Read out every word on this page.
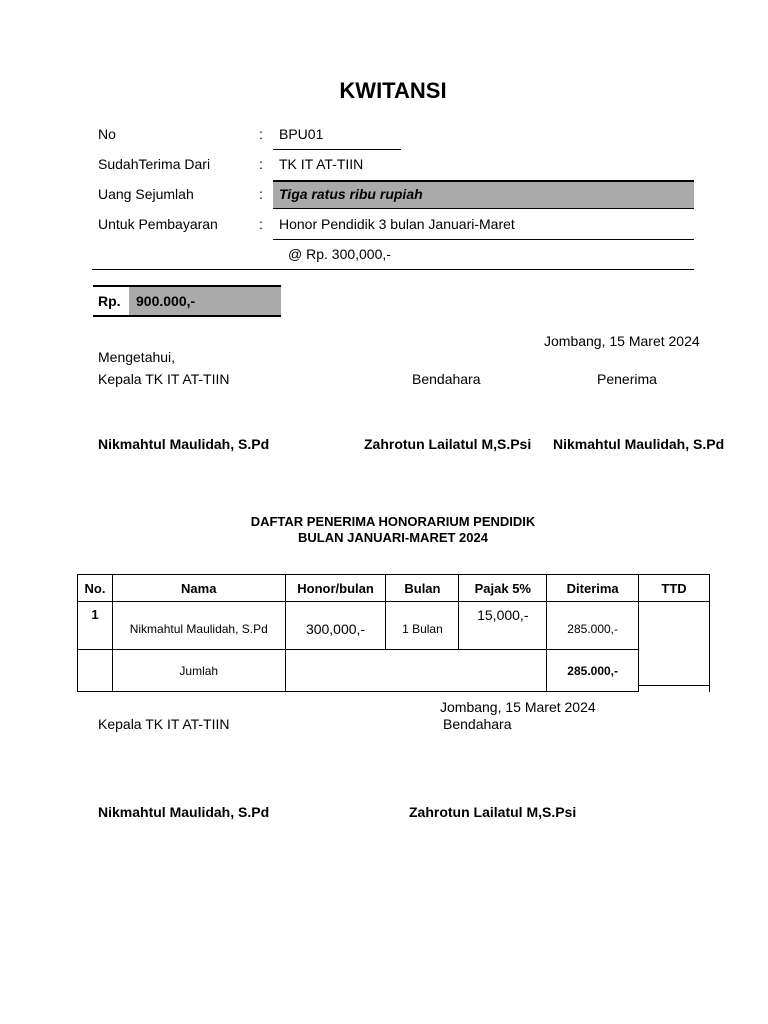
KWITANSI
No	: BPU01
SudahTerima Dari	: TK IT AT-TIIN
Uang Sejumlah	: Tiga ratus ribu rupiah
Untuk Pembayaran	: Honor Pendidik 3 bulan Januari-Maret
@ Rp. 300,000,-
Rp. 900.000,-
Jombang, 15 Maret 2024
Mengetahui,
Kepala TK IT AT-TIIN	Bendahara	Penerima
Nikmahtul Maulidah, S.Pd	Zahrotun Lailatul M,S.Psi Nikmahtul Maulidah, S.Pd
DAFTAR PENERIMA HONORARIUM PENDIDIK
BULAN JANUARI-MARET 2024
No.	Nama	Honor/bulan	Bulan	Pajak 5%	Diterima	TTD
1	Nikmahtul Maulidah, S.Pd	300,000,-	1 Bulan	15,000,-	285.000,-	
	Jumlah				285.000,-	
Jombang, 15 Maret 2024
Kepala TK IT AT-TIIN	Bendahara
Nikmahtul Maulidah, S.Pd	Zahrotun Lailatul M,S.Psi
